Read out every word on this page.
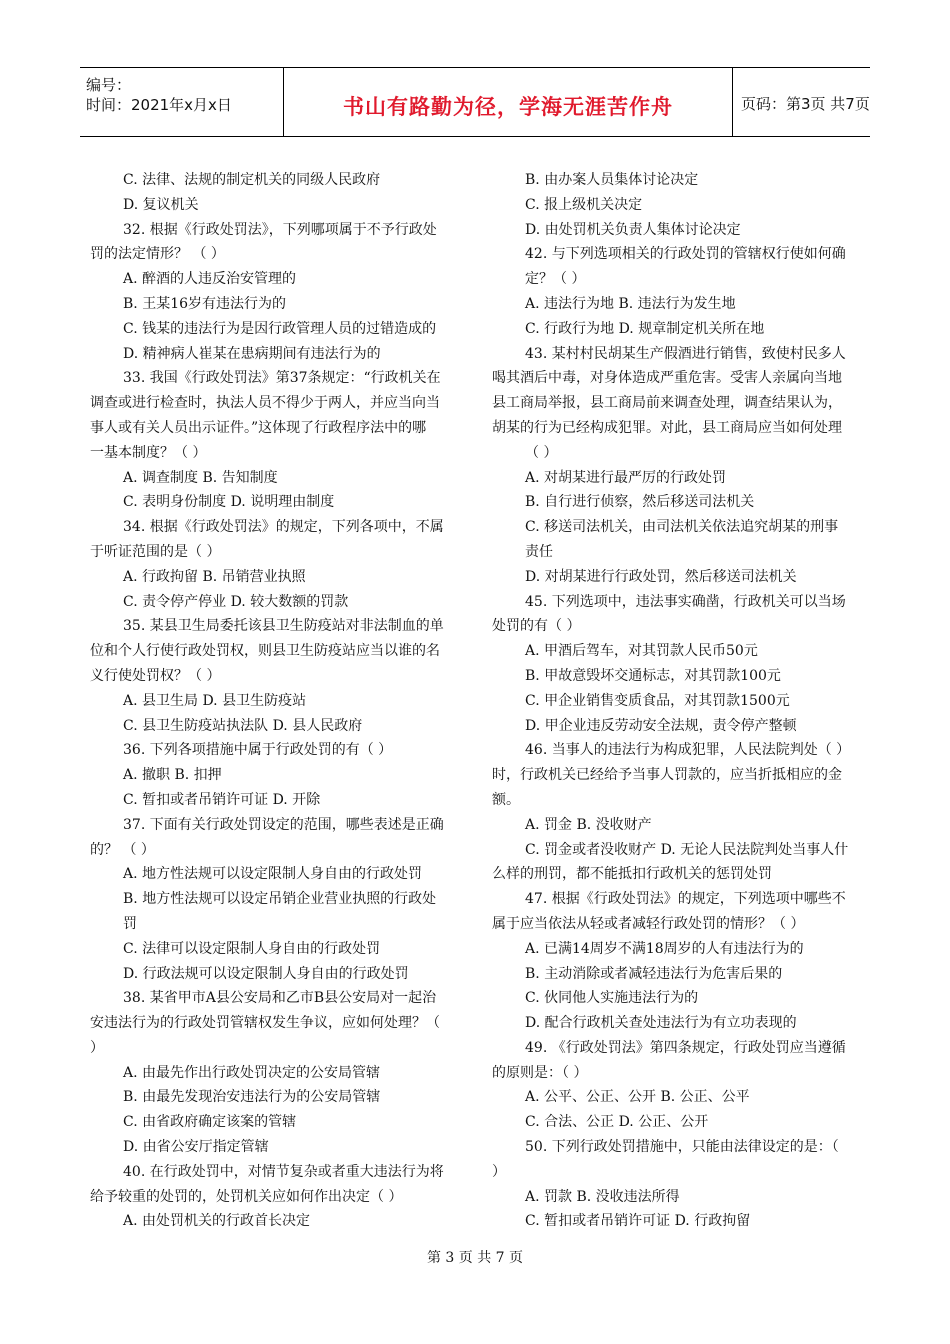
编号：
时间：2021年x月x日	书山有路勤为径，学海无涯苦作舟	页码：第3页 共7页
C. 法律、法规的制定机关的同级人民政府
D. 复议机关
32. 根据《行政处罚法》，下列哪项属于不予行政处
罚的法定情形？ （ ）
A. 醉酒的人违反治安管理的
B. 王某16岁有违法行为的
C. 钱某的违法行为是因行政管理人员的过错造成的
D. 精神病人崔某在患病期间有违法行为的
33. 我国《行政处罚法》第37条规定：“行政机关在
调查或进行检查时，执法人员不得少于两人，并应当向当
事人或有关人员出示证件。”这体现了行政程序法中的哪
一基本制度？（ ）
A. 调查制度 B. 告知制度
C. 表明身份制度 D. 说明理由制度
34. 根据《行政处罚法》的规定，下列各项中，不属
于听证范围的是（ ）
A. 行政拘留 B. 吊销营业执照
C. 责令停产停业 D. 较大数额的罚款
35. 某县卫生局委托该县卫生防疫站对非法制血的单
位和个人行使行政处罚权，则县卫生防疫站应当以谁的名
义行使处罚权？（ ）
A. 县卫生局 D. 县卫生防疫站
C. 县卫生防疫站执法队 D. 县人民政府
36. 下列各项措施中属于行政处罚的有（ ）
A. 撤职 B. 扣押
C. 暂扣或者吊销许可证 D. 开除
37. 下面有关行政处罚设定的范围，哪些表述是正确
的？ （ ）
A. 地方性法规可以设定限制人身自由的行政处罚
B. 地方性法规可以设定吊销企业营业执照的行政处
罚
C. 法律可以设定限制人身自由的行政处罚
D. 行政法规可以设定限制人身自由的行政处罚
38. 某省甲市A县公安局和乙市B县公安局对一起治
安违法行为的行政处罚管辖权发生争议，应如何处理？（
）
A. 由最先作出行政处罚决定的公安局管辖
B. 由最先发现治安违法行为的公安局管辖
C. 由省政府确定该案的管辖
D. 由省公安厅指定管辖
40. 在行政处罚中，对情节复杂或者重大违法行为将
给予较重的处罚的，处罚机关应如何作出决定（ ）
A. 由处罚机关的行政首长决定
B. 由办案人员集体讨论决定
C. 报上级机关决定
D. 由处罚机关负责人集体讨论决定
42. 与下列选项相关的行政处罚的管辖权行使如何确
定？（ ）
A. 违法行为地 B. 违法行为发生地
C. 行政行为地 D. 规章制定机关所在地
43. 某村村民胡某生产假酒进行销售，致使村民多人
喝其酒后中毒，对身体造成严重危害。受害人亲属向当地
县工商局举报，县工商局前来调查处理，调查结果认为，
胡某的行为已经构成犯罪。对此，县工商局应当如何处理
（ ）
A. 对胡某进行最严厉的行政处罚
B. 自行进行侦察，然后移送司法机关
C. 移送司法机关，由司法机关依法追究胡某的刑事
责任
D. 对胡某进行行政处罚，然后移送司法机关
45. 下列选项中，违法事实确凿，行政机关可以当场
处罚的有（ ）
A. 甲酒后驾车，对其罚款人民币50元
B. 甲故意毁坏交通标志，对其罚款100元
C. 甲企业销售变质食品，对其罚款1500元
D. 甲企业违反劳动安全法规，责令停产整顿
46. 当事人的违法行为构成犯罪，人民法院判处（ ）
时，行政机关已经给予当事人罚款的，应当折抵相应的金
额。
A. 罚金 B. 没收财产
C. 罚金或者没收财产 D. 无论人民法院判处当事人什
么样的刑罚，都不能抵扣行政机关的惩罚处罚
47. 根据《行政处罚法》的规定，下列选项中哪些不
属于应当依法从轻或者减轻行政处罚的情形？（ ）
A. 已满14周岁不满18周岁的人有违法行为的
B. 主动消除或者减轻违法行为危害后果的
C. 伙同他人实施违法行为的
D. 配合行政机关查处违法行为有立功表现的
49. 《行政处罚法》第四条规定，行政处罚应当遵循
的原则是：（ ）
A. 公平、公正、公开 B. 公正、公平
C. 合法、公正 D. 公正、公开
50. 下列行政处罚措施中，只能由法律设定的是：（
）
A. 罚款 B. 没收违法所得
C. 暂扣或者吊销许可证 D. 行政拘留
第 3 页 共 7 页
